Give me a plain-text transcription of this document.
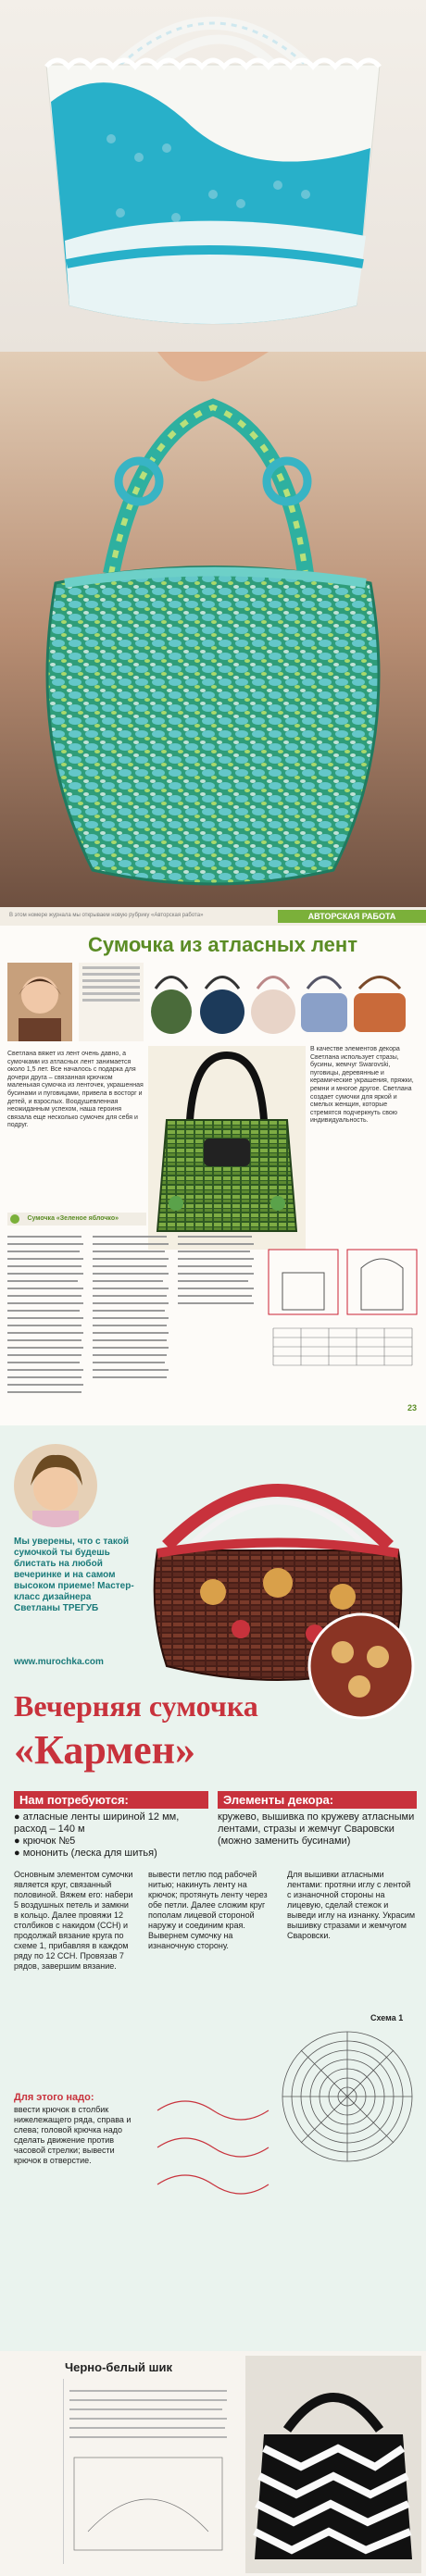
В этом номере журнала мы открываем новую рубрику «Авторская работа»	АВТОРСКАЯ РАБОТА
Сумочка из атласных лент
Светлана вяжет из лент очень давно, а сумочками из атласных лент занимается около 1,5 лет. Все началось с подарка для дочери друга – связанная крючком маленькая сумочка из ленточек, украшенная бусинами и пуговицами, привела в восторг и детей, и взрослых. Воодушевленная неожиданным успехом, наша героиня связала еще несколько сумочек для себя и подруг.
В качестве элементов декора Светлана использует стразы, бусины, жемчуг Swarovski, пуговицы, деревянные и керамические украшения, пряжки, ремни и многое другое. Светлана создает сумочки для яркой и смелых женщин, которые стремятся подчеркнуть свою индивидуальность.
$^{Сумочка «Зеленое яблочко»}$
23
Мы уверены, что с такой сумочкой ты будешь блистать на любой вечеринке и на самом высоком приеме! Мастер-класс дизайнера Светланы ТРЕГУБ
www.murochka.com
Вечерняя сумочка
«Кармен»
Нам потребуются:
● атласные ленты шириной 12 мм, расход – 140 м
● крючок №5
● мононить (леска для шитья)
Элементы декора:
кружево, вышивка по кружеву атласными лентами, стразы и жемчуг Сваровски (можно заменить бусинами)
Основным элементом сумочки является круг, связанный половиной. Вяжем его: набери 5 воздушных петель и замкни в кольцо. Далее провяжи 12 столбиков с накидом (ССН) и продолжай вязание круга по схеме 1, прибавляя в каждом ряду по 12 ССН. Провязав 7 рядов, завершим вязание.
вывести петлю под рабочей нитью; накинуть ленту на крючок; протянуть ленту через обе петли. Далее сложим круг пополам лицевой стороной наружу и соединим края. Вывернем сумочку на изнаночную сторону.
Для вышивки атласными лентами: протяни иглу с лентой с изнаночной стороны на лицевую, сделай стежок и выведи иглу на изнанку. Украсим вышивку стразами и жемчугом Сваровски.
Для этого надо:
ввести крючок в столбик нижележащего ряда, справа и слева; головой крючка надо сделать движение против часовой стрелки; вывести крючок в отверстие.
Схема 1
Черно-белый шик
